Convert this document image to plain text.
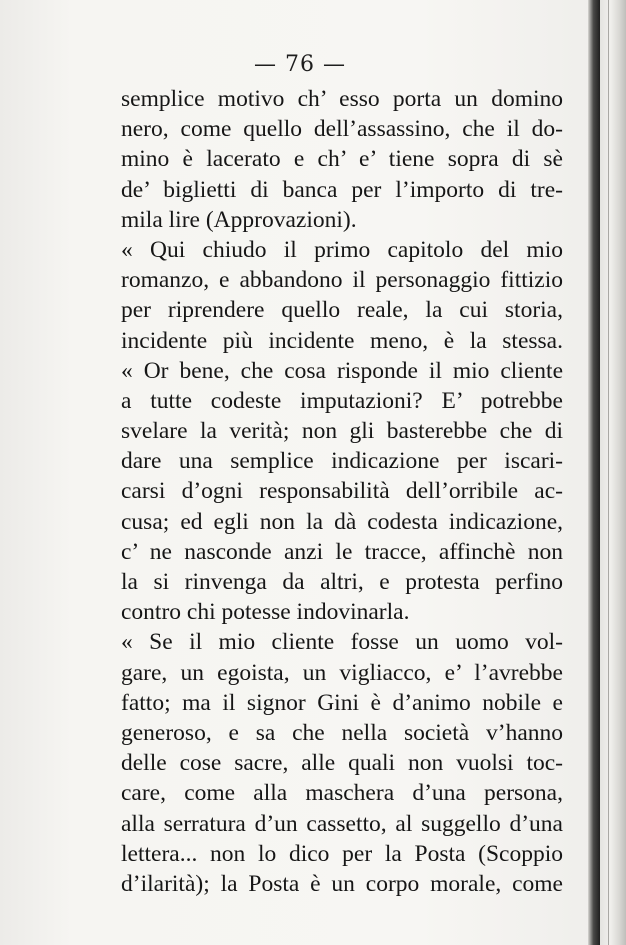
— 76 —
semplice motivo ch’ esso porta un domino
nero, come quello dell’assassino, che il do-
mino è lacerato e ch’ e’ tiene sopra di sè
de’ biglietti di banca per l’importo di tre-
mila lire (Approvazioni).
« Qui chiudo il primo capitolo del mio
romanzo, e abbandono il personaggio fittizio
per riprendere quello reale, la cui storia,
incidente più incidente meno, è la stessa.
« Or bene, che cosa risponde il mio cliente
a tutte codeste imputazioni? E’ potrebbe
svelare la verità; non gli basterebbe che di
dare una semplice indicazione per iscari-
carsi d’ogni responsabilità dell’orribile ac-
cusa; ed egli non la dà codesta indicazione,
c’ ne nasconde anzi le tracce, affinchè non
la si rinvenga da altri, e protesta perfino
contro chi potesse indovinarla.
« Se il mio cliente fosse un uomo vol-
gare, un egoista, un vigliacco, e’ l’avrebbe
fatto; ma il signor Gini è d’animo nobile e
generoso, e sa che nella società v’hanno
delle cose sacre, alle quali non vuolsi toc-
care, come alla maschera d’una persona,
alla serratura d’un cassetto, al suggello d’una
lettera... non lo dico per la Posta (Scoppio
d’ilarità); la Posta è un corpo morale, come
